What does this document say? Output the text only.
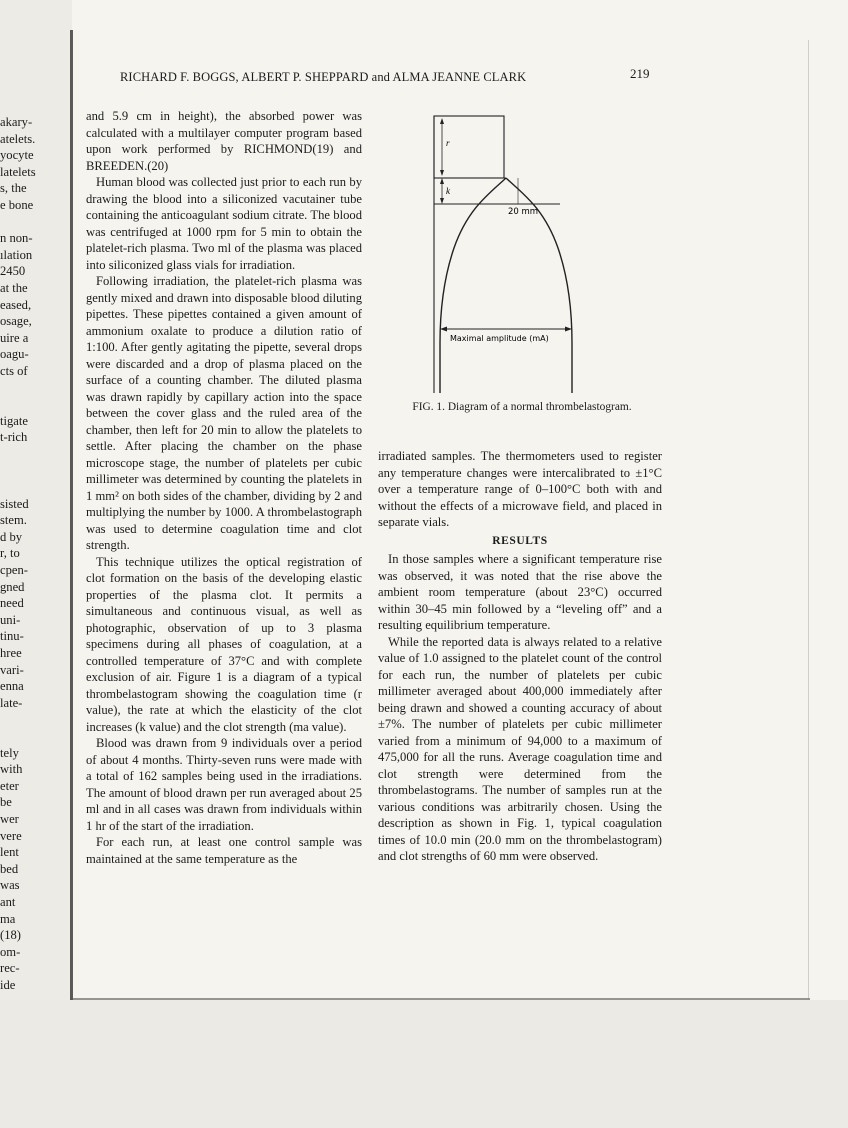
akary-
atelets.
yocyte
latelets
s, the
e bone
n non-
ılation
2450
at the
eased,
osage,
uire a
oagu-
cts of
tigate
t-rich
sisted
stem.
d by
r, to
cpen-
gned
need
uni-
tinu-
hree
vari-
enna
late-
tely
with
eter
be
wer
vere
lent
bed
was
ant
ma
(18)
om-
rec-
ide
RICHARD F. BOGGS, ALBERT P. SHEPPARD and ALMA JEANNE CLARK	219

and 5.9 cm in height), the absorbed power was calculated with a multilayer computer program based upon work performed by RICHMOND(19) and BREEDEN.(20)

Human blood was collected just prior to each run by drawing the blood into a siliconized vacutainer tube containing the anticoagulant sodium citrate. The blood was centrifuged at 1000 rpm for 5 min to obtain the platelet-rich plasma. Two ml of the plasma was placed into siliconized glass vials for irradiation.

Following irradiation, the platelet-rich plasma was gently mixed and drawn into disposable blood diluting pipettes. These pipettes contained a given amount of ammonium oxalate to produce a dilution ratio of 1:100. After gently agitating the pipette, several drops were discarded and a drop of plasma placed on the surface of a counting chamber. The diluted plasma was drawn rapidly by capillary action into the space between the cover glass and the ruled area of the chamber, then left for 20 min to allow the platelets to settle. After placing the chamber on the phase microscope stage, the number of platelets per cubic millimeter was determined by counting the platelets in 1 mm² on both sides of the chamber, dividing by 2 and multiplying the number by 1000. A thrombelastograph was used to determine coagulation time and clot strength.

This technique utilizes the optical registration of clot formation on the basis of the developing elastic properties of the plasma clot. It permits a simultaneous and continuous visual, as well as photographic, observation of up to 3 plasma specimens during all phases of coagulation, at a controlled temperature of 37°C and with complete exclusion of air. Figure 1 is a diagram of a typical thrombelastogram showing the coagulation time (r value), the rate at which the elasticity of the clot increases (k value) and the clot strength (ma value).

Blood was drawn from 9 individuals over a period of about 4 months. Thirty-seven runs were made with a total of 162 samples being used in the irradiations. The amount of blood drawn per run averaged about 25 ml and in all cases was drawn from individuals within 1 hr of the start of the irradiation.

For each run, at least one control sample was maintained at the same temperature as the

r
k
20 mm
Maximal amplitude (mA)
FIG. 1. Diagram of a normal thrombelastogram.

irradiated samples. The thermometers used to register any temperature changes were intercalibrated to ±1°C over a temperature range of 0–100°C both with and without the effects of a microwave field, and placed in separate vials.

RESULTS

In those samples where a significant temperature rise was observed, it was noted that the rise above the ambient room temperature (about 23°C) occurred within 30–45 min followed by a “leveling off” and a resulting equilibrium temperature.

While the reported data is always related to a relative value of 1.0 assigned to the platelet count of the control for each run, the number of platelets per cubic millimeter averaged about 400,000 immediately after being drawn and showed a counting accuracy of about ±7%. The number of platelets per cubic millimeter varied from a minimum of 94,000 to a maximum of 475,000 for all the runs. Average coagulation time and clot strength were determined from the thrombelastograms. The number of samples run at the various conditions was arbitrarily chosen. Using the description as shown in Fig. 1, typical coagulation times of 10.0 min (20.0 mm on the thrombelastogram) and clot strengths of 60 mm were observed.
